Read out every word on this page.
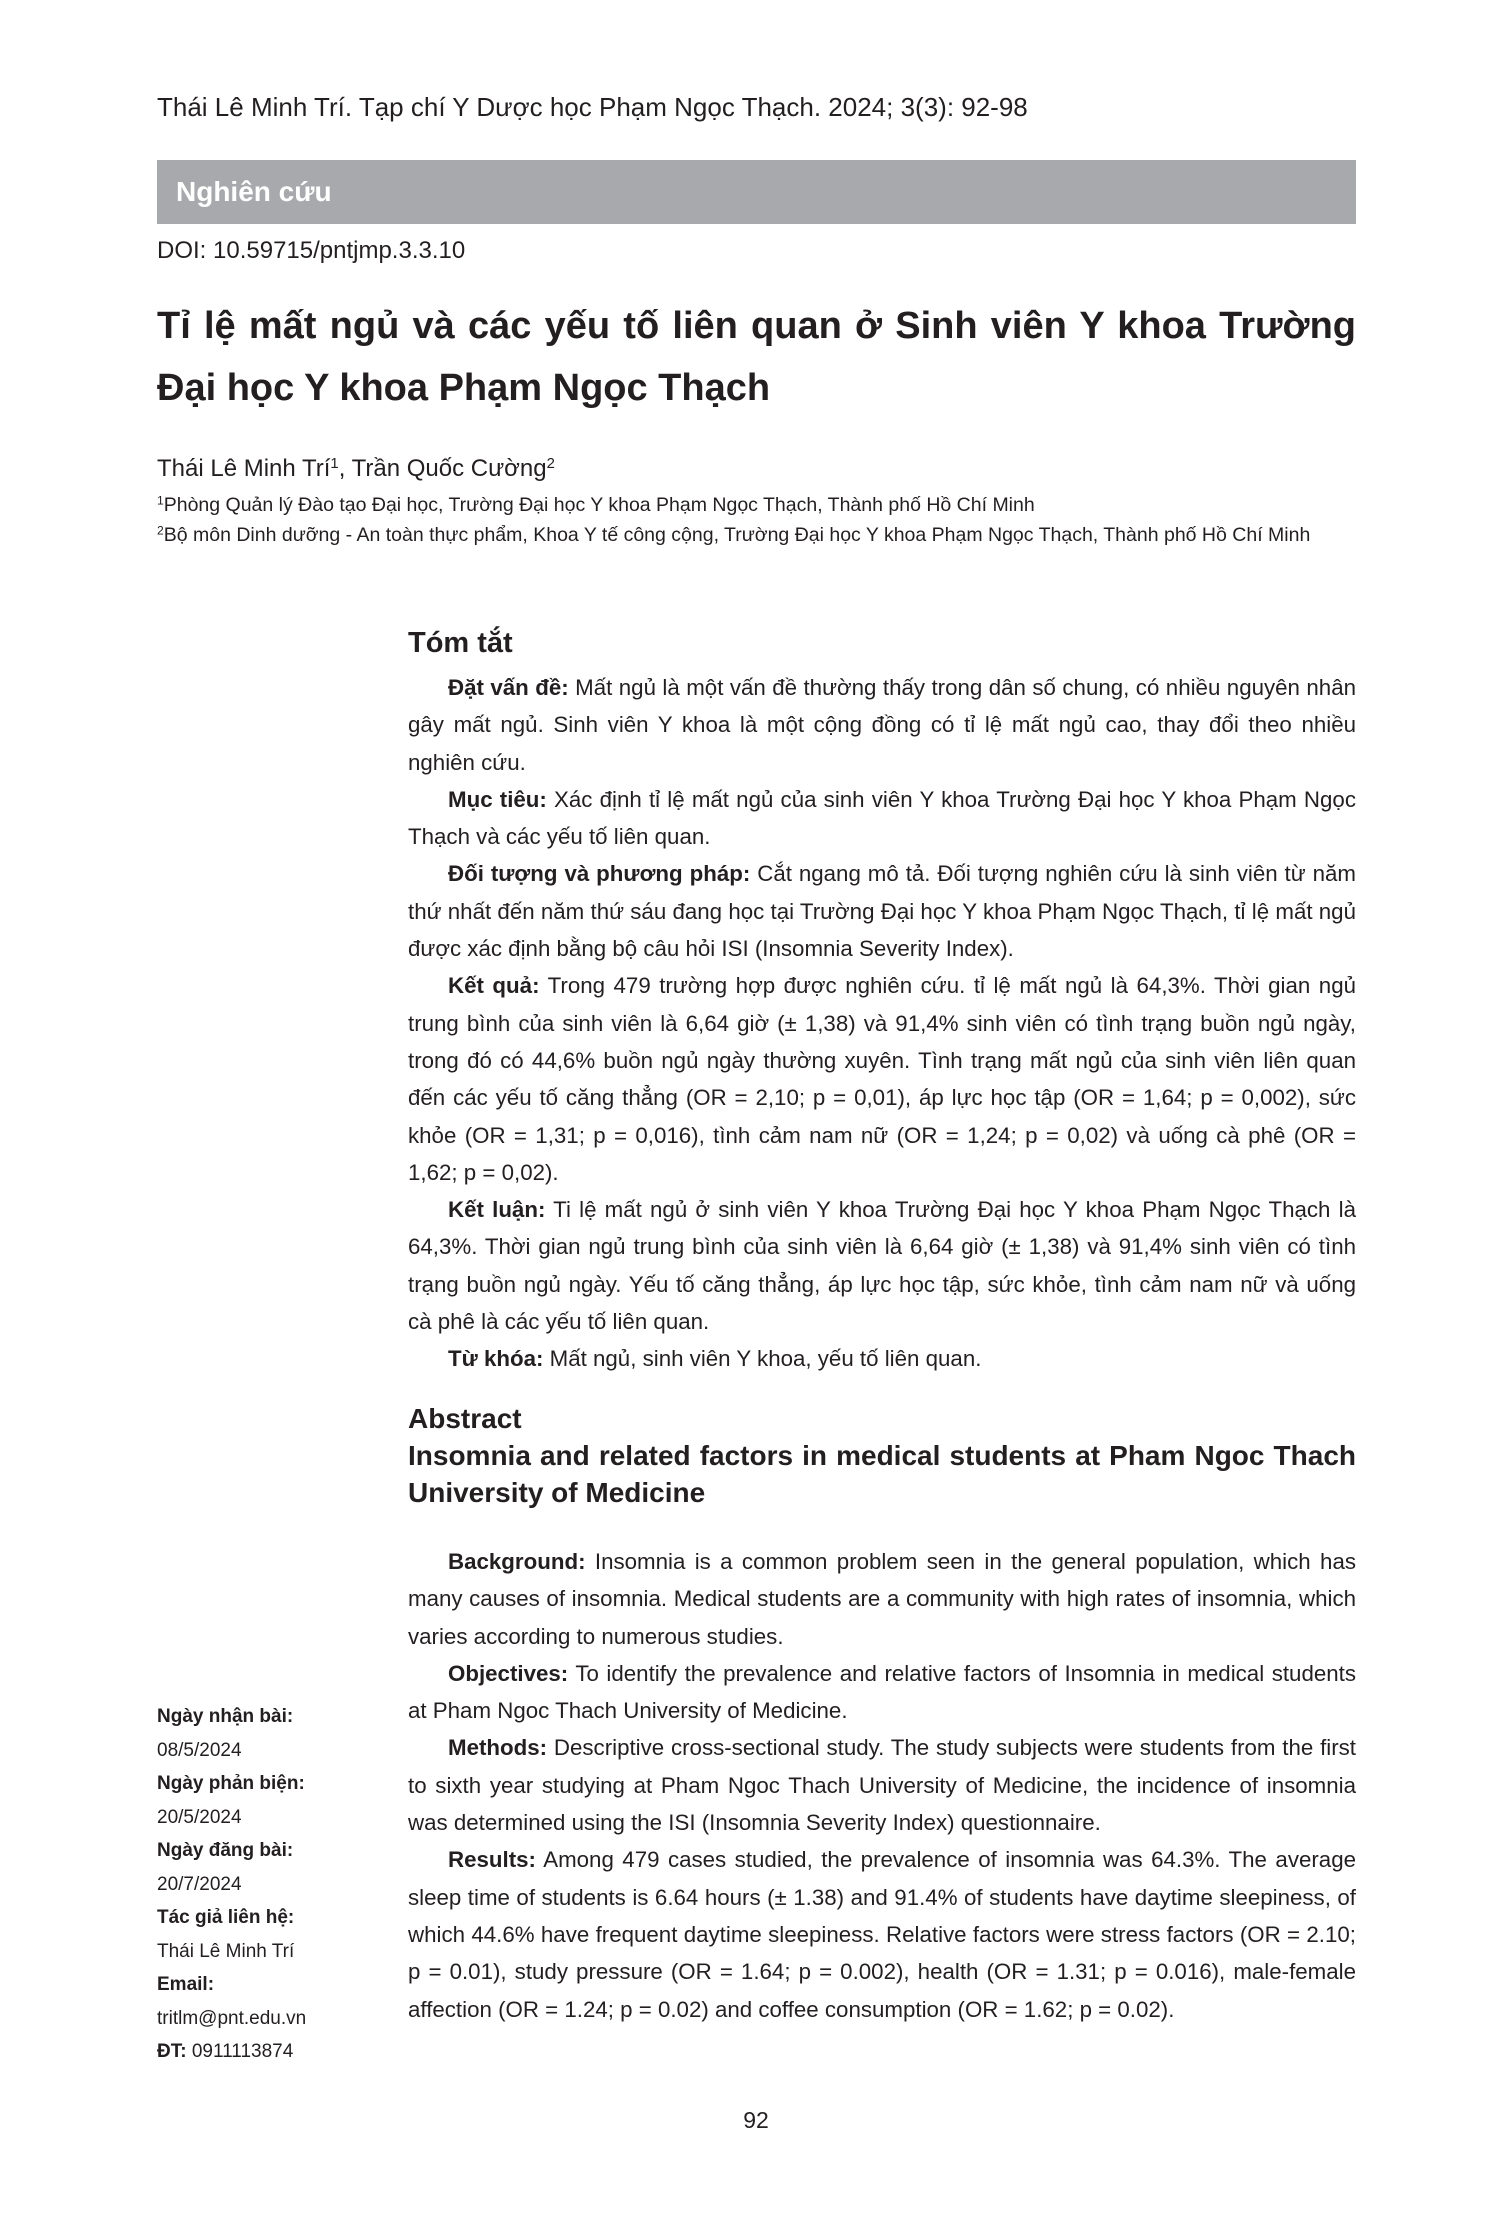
Thái Lê Minh Trí. Tạp chí Y Dược học Phạm Ngọc Thạch. 2024; 3(3): 92-98
Nghiên cứu
DOI: 10.59715/pntjmp.3.3.10
Tỉ lệ mất ngủ và các yếu tố liên quan ở Sinh viên Y khoa Trường Đại học Y khoa Phạm Ngọc Thạch
Thái Lê Minh Trí$^1$, Trần Quốc Cường$^2$

$^1$Phòng Quản lý Đào tạo Đại học, Trường Đại học Y khoa Phạm Ngọc Thạch, Thành phố Hồ Chí Minh

$^2$Bộ môn Dinh dưỡng - An toàn thực phẩm, Khoa Y tế công cộng, Trường Đại học Y khoa Phạm Ngọc Thạch, Thành phố Hồ Chí Minh

Tóm tắt

Đặt vấn đề: Mất ngủ là một vấn đề thường thấy trong dân số chung, có nhiều nguyên nhân gây mất ngủ. Sinh viên Y khoa là một cộng đồng có tỉ lệ mất ngủ cao, thay đổi theo nhiều nghiên cứu.

Mục tiêu: Xác định tỉ lệ mất ngủ của sinh viên Y khoa Trường Đại học Y khoa Phạm Ngọc Thạch và các yếu tố liên quan.

Đối tượng và phương pháp: Cắt ngang mô tả. Đối tượng nghiên cứu là sinh viên từ năm thứ nhất đến năm thứ sáu đang học tại Trường Đại học Y khoa Phạm Ngọc Thạch, tỉ lệ mất ngủ được xác định bằng bộ câu hỏi ISI (Insomnia Severity Index).

Kết quả: Trong 479 trường hợp được nghiên cứu. tỉ lệ mất ngủ là 64,3%. Thời gian ngủ trung bình của sinh viên là 6,64 giờ (± 1,38) và 91,4% sinh viên có tình trạng buồn ngủ ngày, trong đó có 44,6% buồn ngủ ngày thường xuyên. Tình trạng mất ngủ của sinh viên liên quan đến các yếu tố căng thẳng (OR = 2,10; p = 0,01), áp lực học tập (OR = 1,64; p = 0,002), sức khỏe (OR = 1,31; p = 0,016), tình cảm nam nữ (OR = 1,24; p = 0,02) và uống cà phê (OR = 1,62; p = 0,02).

Kết luận: Ti lệ mất ngủ ở sinh viên Y khoa Trường Đại học Y khoa Phạm Ngọc Thạch là 64,3%. Thời gian ngủ trung bình của sinh viên là 6,64 giờ (± 1,38) và 91,4% sinh viên có tình trạng buồn ngủ ngày. Yếu tố căng thẳng, áp lực học tập, sức khỏe, tình cảm nam nữ và uống cà phê là các yếu tố liên quan.

Từ khóa: Mất ngủ, sinh viên Y khoa, yếu tố liên quan.

Abstract
Insomnia and related factors in medical students at Pham Ngoc Thach University of Medicine

Background: Insomnia is a common problem seen in the general population, which has many causes of insomnia. Medical students are a community with high rates of insomnia, which varies according to numerous studies.

Objectives: To identify the prevalence and relative factors of Insomnia in medical students at Pham Ngoc Thach University of Medicine.

Methods: Descriptive cross-sectional study. The study subjects were students from the first to sixth year studying at Pham Ngoc Thach University of Medicine, the incidence of insomnia was determined using the ISI (Insomnia Severity Index) questionnaire.

Results: Among 479 cases studied, the prevalence of insomnia was 64.3%. The average sleep time of students is 6.64 hours (± 1.38) and 91.4% of students have daytime sleepiness, of which 44.6% have frequent daytime sleepiness. Relative factors were stress factors (OR = 2.10; p = 0.01), study pressure (OR = 1.64; p = 0.002), health (OR = 1.31; p = 0.016), male-female affection (OR = 1.24; p = 0.02) and coffee consumption (OR = 1.62; p = 0.02).

Ngày nhận bài:
08/5/2024
Ngày phản biện:
20/5/2024
Ngày đăng bài:
20/7/2024
Tác giả liên hệ:
Thái Lê Minh Trí
Email:
tritlm@pnt.edu.vn
ĐT: 0911113874
92
